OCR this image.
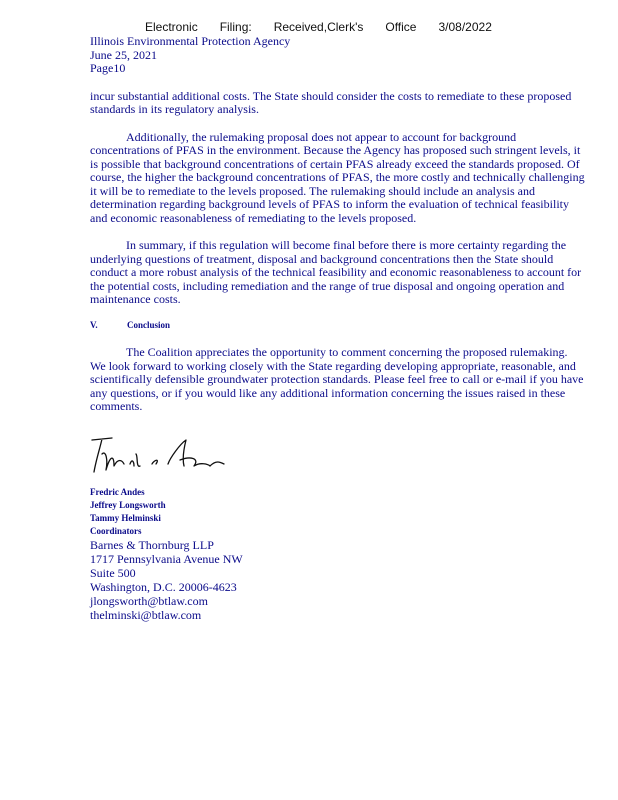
Electronic Filing: Received,Clerk's Office 3/08/2022
Illinois Environmental Protection Agency
June 25, 2021
Page10

incur substantial additional costs. The State should consider the costs to remediate to these proposed standards in its regulatory analysis.

Additionally, the rulemaking proposal does not appear to account for background concentrations of PFAS in the environment. Because the Agency has proposed such stringent levels, it is possible that background concentrations of certain PFAS already exceed the standards proposed. Of course, the higher the background concentrations of PFAS, the more costly and technically challenging it will be to remediate to the levels proposed. The rulemaking should include an analysis and determination regarding background levels of PFAS to inform the evaluation of technical feasibility and economic reasonableness of remediating to the levels proposed.

In summary, if this regulation will become final before there is more certainty regarding the underlying questions of treatment, disposal and background concentrations then the State should conduct a more robust analysis of the technical feasibility and economic reasonableness to account for the potential costs, including remediation and the range of true disposal and ongoing operation and maintenance costs.

V.	Conclusion

The Coalition appreciates the opportunity to comment concerning the proposed rulemaking. We look forward to working closely with the State regarding developing appropriate, reasonable, and scientifically defensible groundwater protection standards. Please feel free to call or e-mail if you have any questions, or if you would like any additional information concerning the issues raised in these comments.

Fredric Andes
Jeffrey Longsworth
Tammy Helminski
Coordinators
Barnes & Thornburg LLP
1717 Pennsylvania Avenue NW
Suite 500
Washington, D.C. 20006-4623
jlongsworth@btlaw.com
thelminski@btlaw.com
